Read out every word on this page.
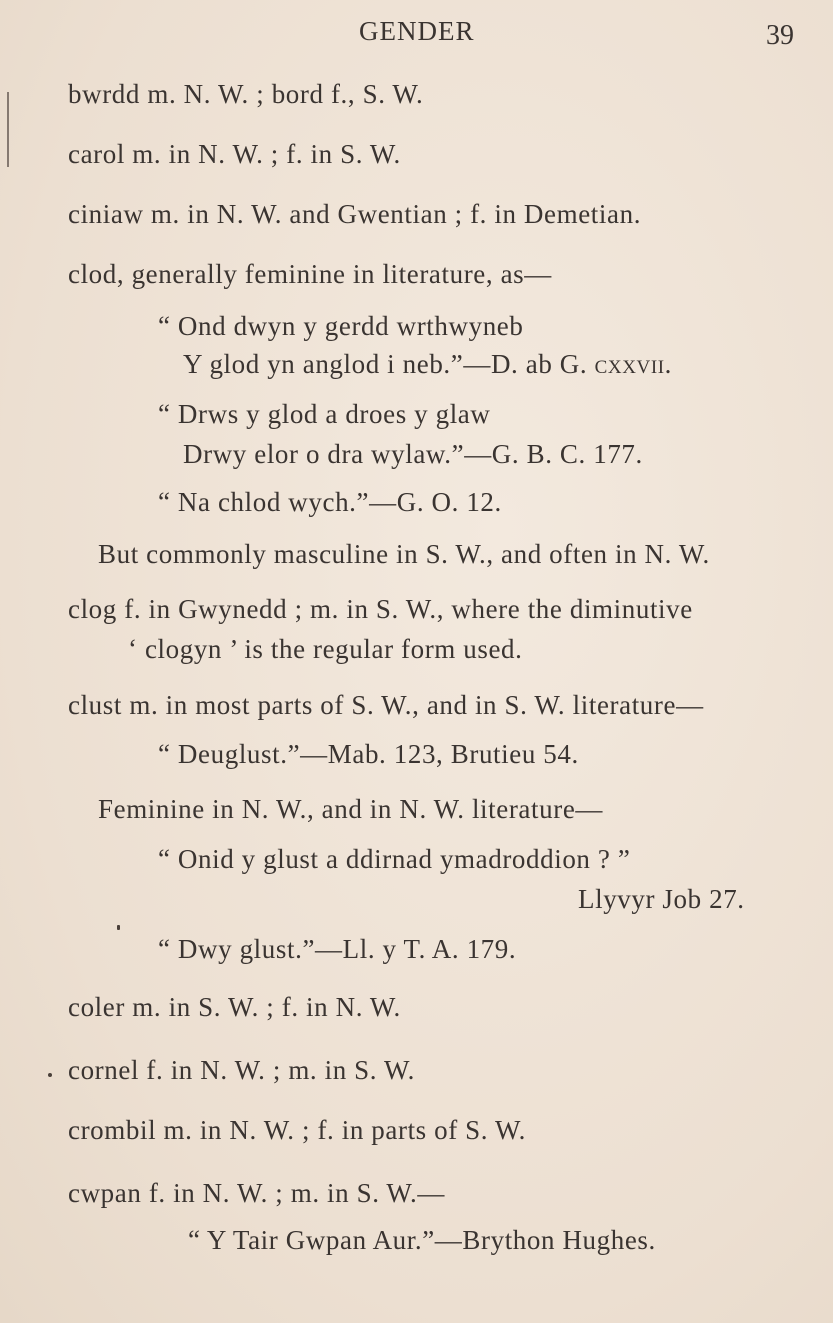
GENDER	39
bwrdd m. N. W. ; bord f., S. W.
carol m. in N. W. ; f. in S. W.
ciniaw m. in N. W. and Gwentian ; f. in Demetian.
clod, generally feminine in literature, as—
“ Ond dwyn y gerdd wrthwyneb
Y glod yn anglod i neb.”—D. ab G. cxxvii.
“ Drws y glod a droes y glaw
Drwy elor o dra wylaw.”—G. B. C. 177.
“ Na chlod wych.”—G. O. 12.
But commonly masculine in S. W., and often in N. W.
clog f. in Gwynedd ; m. in S. W., where the diminutive
‘ clogyn ’ is the regular form used.
clust m. in most parts of S. W., and in S. W. literature—
“ Deuglust.”—Mab. 123, Brutieu 54.
Feminine in N. W., and in N. W. literature—
“ Onid y glust a ddirnad ymadroddion ? ”
Llyvyr Job 27.
“ Dwy glust.”—Ll. y T. A. 179.
coler m. in S. W. ; f. in N. W.
cornel f. in N. W. ; m. in S. W.
crombil m. in N. W. ; f. in parts of S. W.
cwpan f. in N. W. ; m. in S. W.—
“ Y Tair Gwpan Aur.”—Brython Hughes.
